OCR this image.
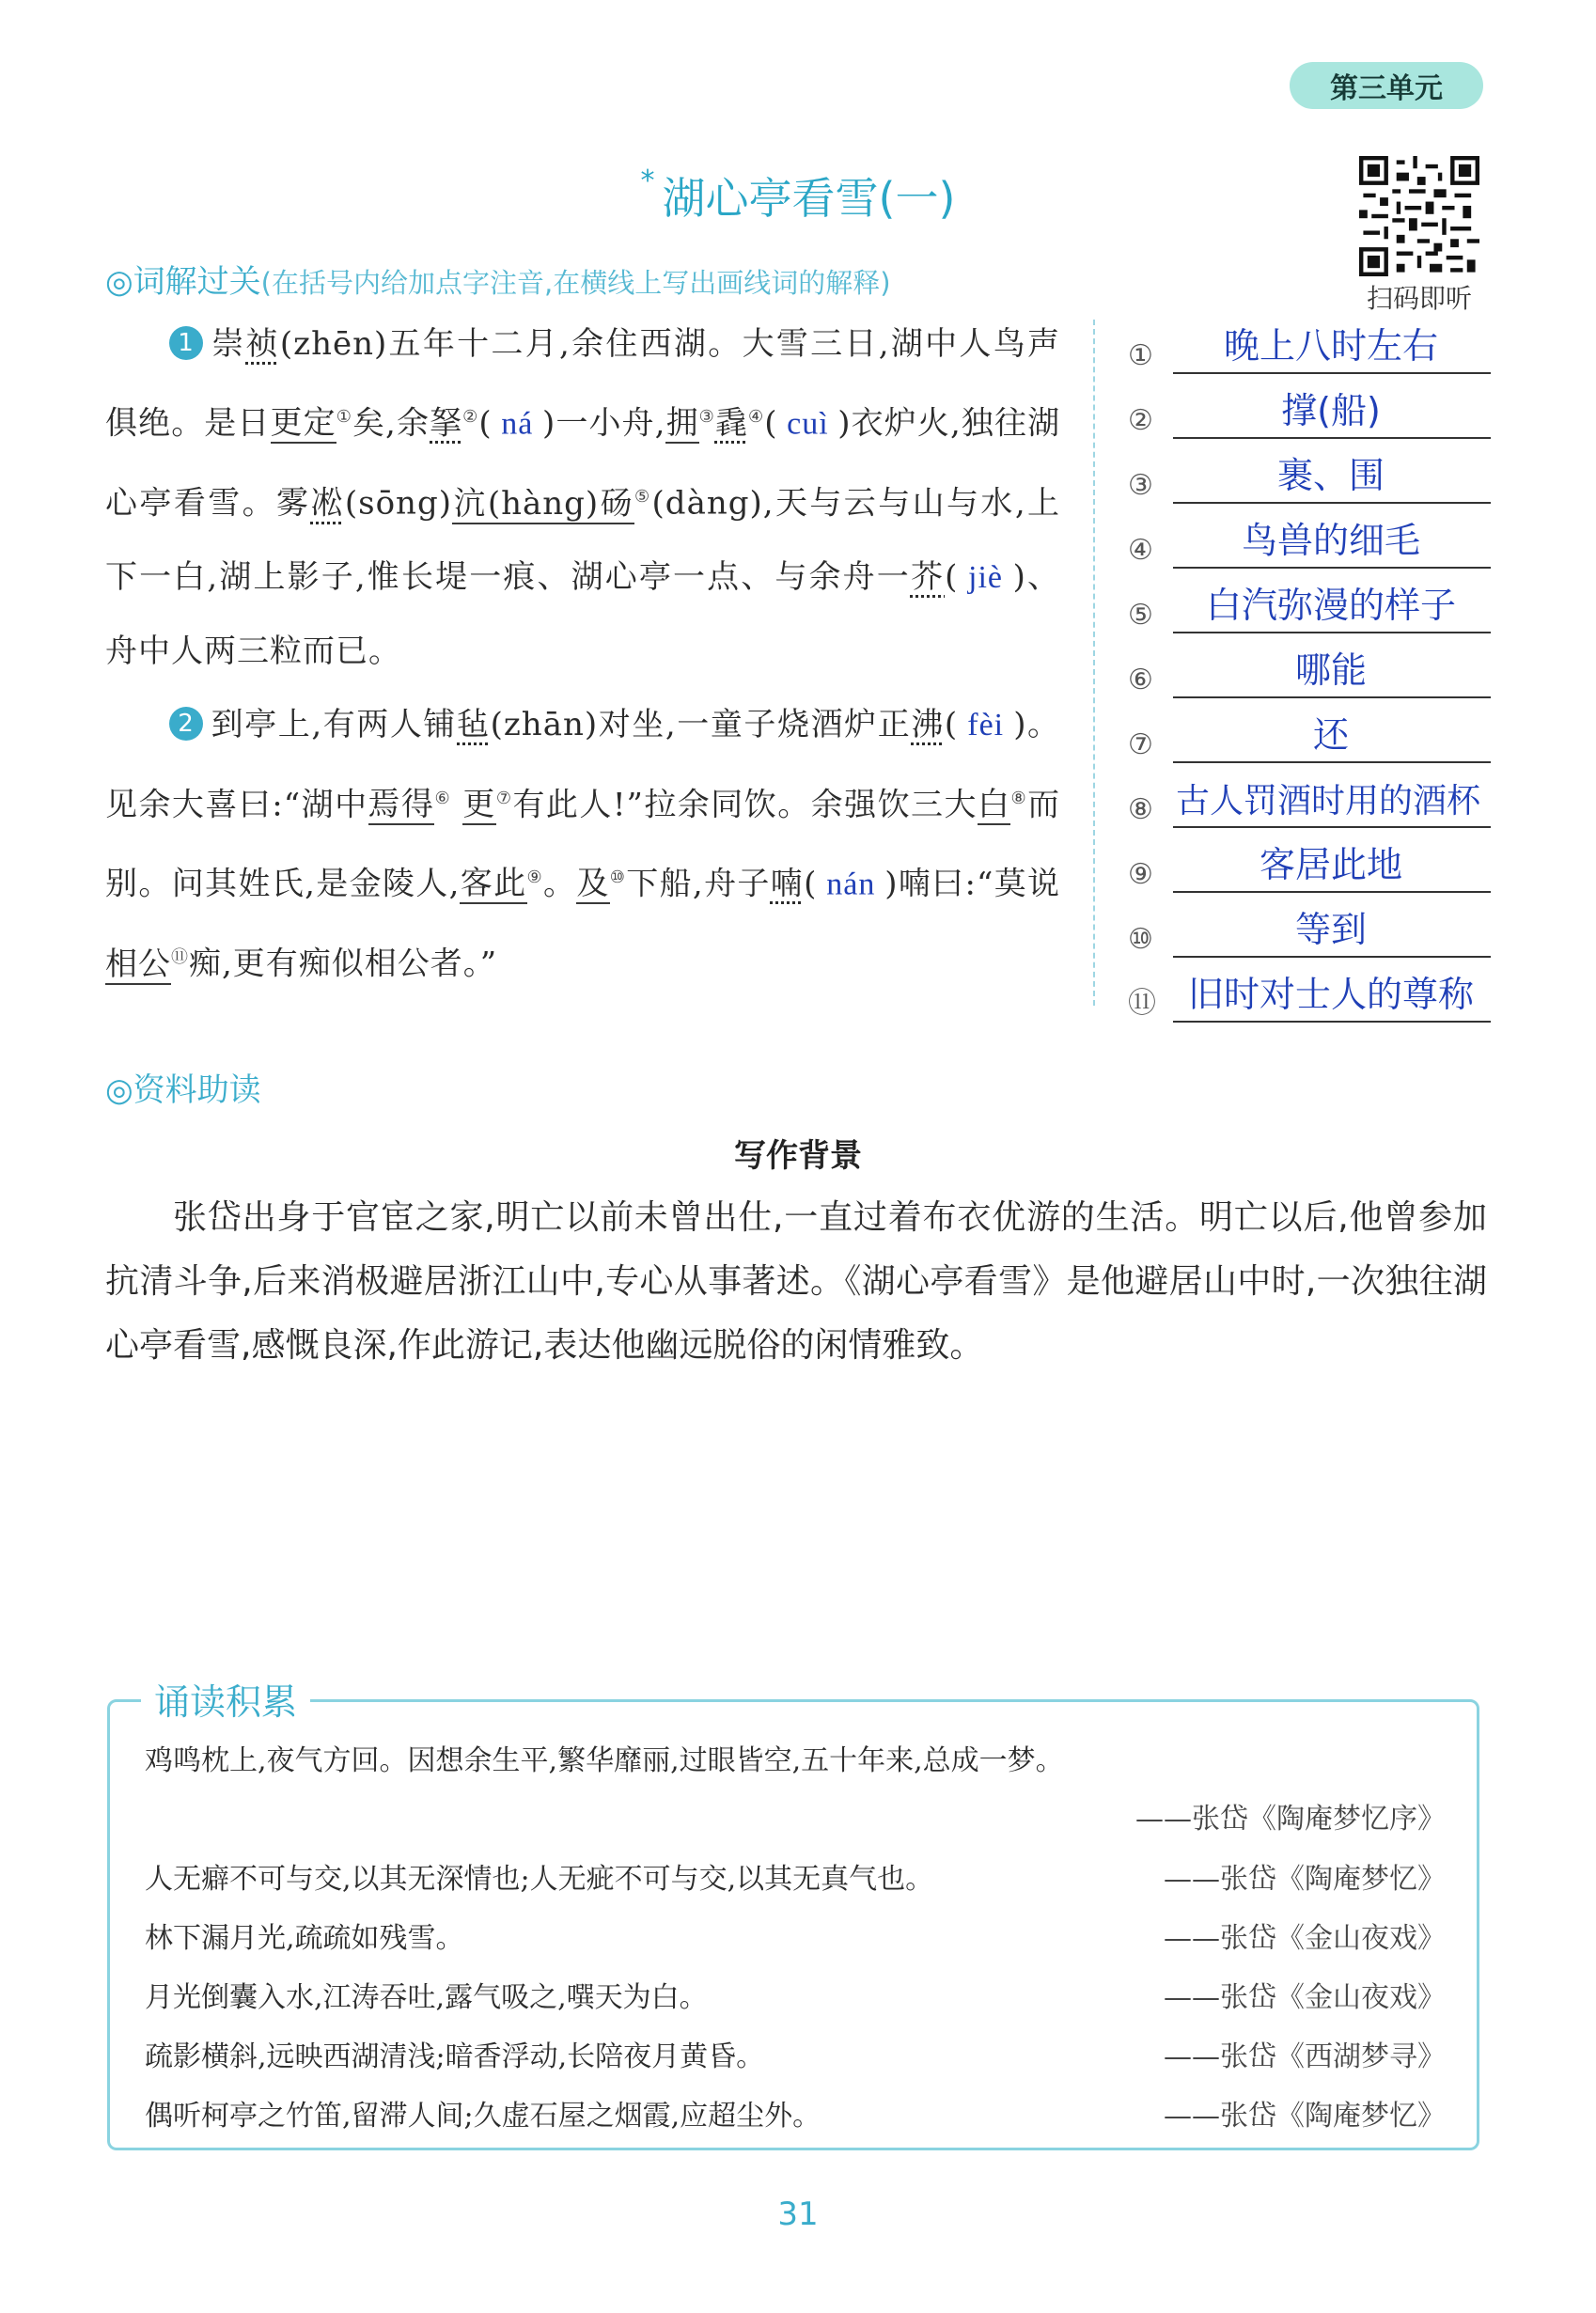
第三单元
* 湖心亭看雪(一)
扫码即听
◎词解过关(在括号内给加点字注音,在横线上写出画线词的解释)

1 崇祯(zhēn)五年十二月,余住西湖。大雪三日,湖中人鸟声俱绝。是日更定①矣,余拏②( ná )一小舟,拥③毳④( cuì )衣炉火,独往湖心亭看雪。雾凇(sōng)沆(hàng)砀⑤(dàng),天与云与山与水,上下一白,湖上影子,惟长堤一痕、湖心亭一点、与余舟一芥( jiè )、舟中人两三粒而已。

2 到亭上,有两人铺毡(zhān)对坐,一童子烧酒炉正沸( fèi )。见余大喜曰:“湖中焉得⑥ 更⑦有此人!”拉余同饮。余强饮三大白⑧而别。问其姓氏,是金陵人,客此⑨。及⑩下船,舟子喃( nán )喃曰:“莫说相公⑪痴,更有痴似相公者。”

①	晚上八时左右
②	撑(船)
③	裹、围
④	鸟兽的细毛
⑤	白汽弥漫的样子
⑥	哪能
⑦	还
⑧ 古人罚酒时用的酒杯
⑨	客居此地
⑩	等到
⑪ 旧时对士人的尊称
◎资料助读
写作背景

张岱出身于官宦之家,明亡以前未曾出仕,一直过着布衣优游的生活。明亡以后,他曾参加抗清斗争,后来消极避居浙江山中,专心从事著述。《湖心亭看雪》是他避居山中时,一次独往湖心亭看雪,感慨良深,作此游记,表达他幽远脱俗的闲情雅致。

诵读积累
鸡鸣枕上,夜气方回。因想余生平,繁华靡丽,过眼皆空,五十年来,总成一梦。
——张岱《陶庵梦忆序》
人无癖不可与交,以其无深情也;人无疵不可与交,以其无真气也。	——张岱《陶庵梦忆》
林下漏月光,疏疏如残雪。	——张岱《金山夜戏》
月光倒囊入水,江涛吞吐,露气吸之,噀天为白。	——张岱《金山夜戏》
疏影横斜,远映西湖清浅;暗香浮动,长陪夜月黄昏。	——张岱《西湖梦寻》
偶听柯亭之竹笛,留滞人间;久虚石屋之烟霞,应超尘外。	——张岱《陶庵梦忆》
31
